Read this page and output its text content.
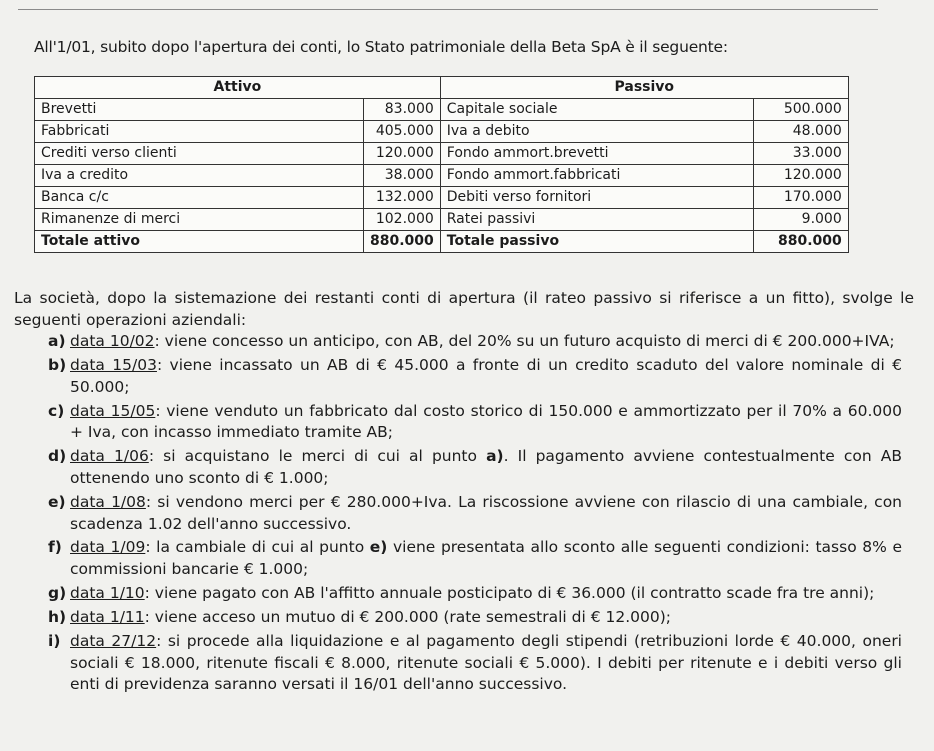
All'1/01, subito dopo l'apertura dei conti, lo Stato patrimoniale della Beta SpA è il seguente:
Attivo		Passivo	
Brevetti	83.000	Capitale sociale	500.000
Fabbricati	405.000	Iva a debito	48.000
Crediti verso clienti	120.000	Fondo ammort.brevetti	33.000
Iva a credito	38.000	Fondo ammort.fabbricati	120.000
Banca c/c	132.000	Debiti verso fornitori	170.000
Rimanenze di merci	102.000	Ratei passivi	9.000
Totale attivo	880.000	Totale passivo	880.000

La società, dopo la sistemazione dei restanti conti di apertura (il rateo passivo si riferisce a un fitto), svolge le seguenti operazioni aziendali:

a) data 10/02: viene concesso un anticipo, con AB, del 20% su un futuro acquisto di merci di € 200.000+IVA;
b) data 15/03: viene incassato un AB di € 45.000 a fronte di un credito scaduto del valore nominale di € 50.000;
c) data 15/05: viene venduto un fabbricato dal costo storico di 150.000 e ammortizzato per il 70% a 60.000 + Iva, con incasso immediato tramite AB;
d) data 1/06: si acquistano le merci di cui al punto a). Il pagamento avviene contestualmente con AB ottenendo uno sconto di € 1.000;
e) data 1/08: si vendono merci per € 280.000+Iva. La riscossione avviene con rilascio di una cambiale, con scadenza 1.02 dell'anno successivo.
f) data 1/09: la cambiale di cui al punto e) viene presentata allo sconto alle seguenti condizioni: tasso 8% e commissioni bancarie € 1.000;
g) data 1/10: viene pagato con AB l'affitto annuale posticipato di € 36.000 (il contratto scade fra tre anni);
h) data 1/11: viene acceso un mutuo di € 200.000 (rate semestrali di € 12.000);
i) data 27/12: si procede alla liquidazione e al pagamento degli stipendi (retribuzioni lorde € 40.000, oneri sociali € 18.000, ritenute fiscali € 8.000, ritenute sociali € 5.000). I debiti per ritenute e i debiti verso gli enti di previdenza saranno versati il 16/01 dell'anno successivo.
